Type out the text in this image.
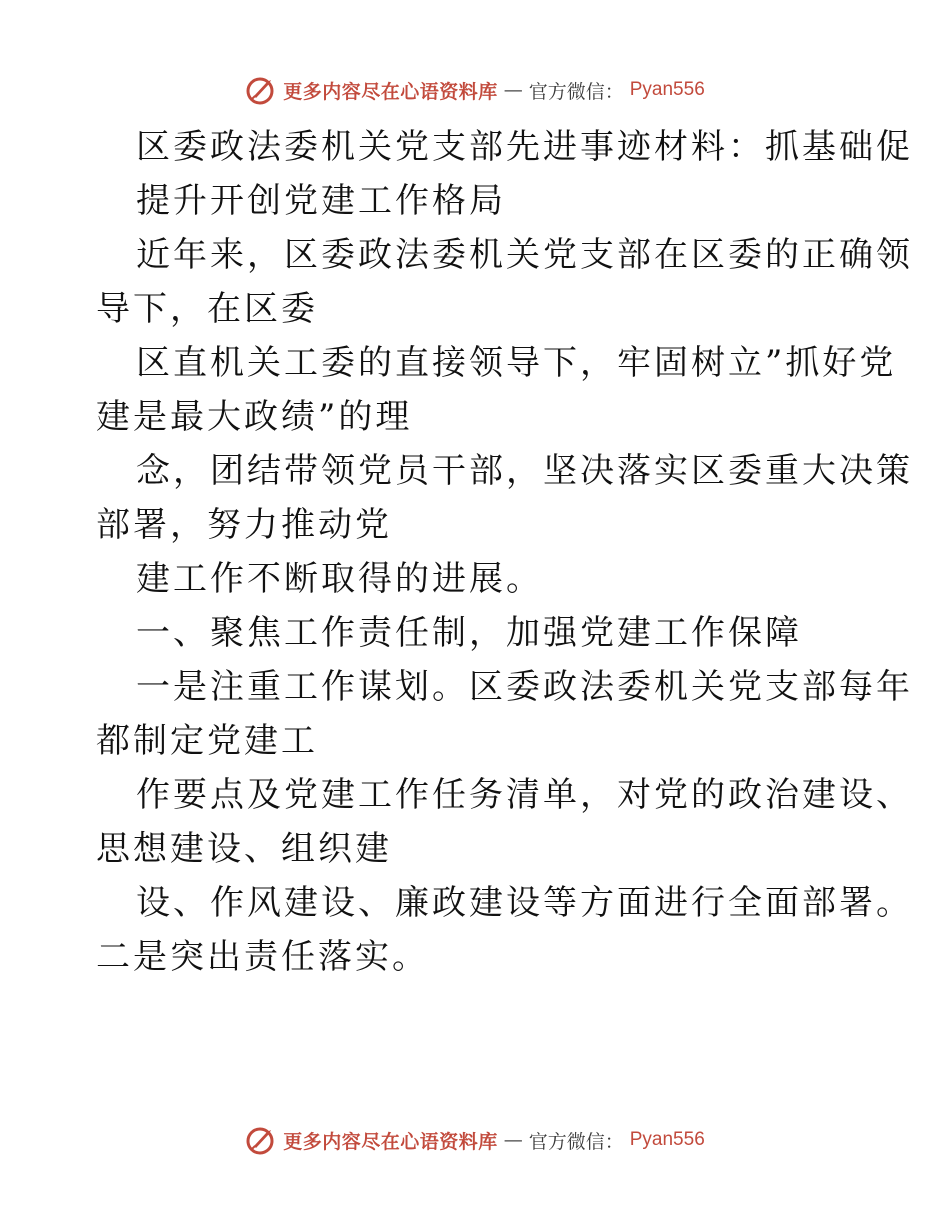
更多内容尽在心语资料库 — 官方微信： Pyan556

区委政法委机关党支部先进事迹材料：抓基础促

提升开创党建工作格局

近年来，区委政法委机关党支部在区委的正确领

导下，在区委

区直机关工委的直接领导下，牢固树立”抓好党

建是最大政绩”的理

念，团结带领党员干部，坚决落实区委重大决策

部署，努力推动党

建工作不断取得的进展。

一、聚焦工作责任制，加强党建工作保障

一是注重工作谋划。区委政法委机关党支部每年

都制定党建工

作要点及党建工作任务清单，对党的政治建设、

思想建设、组织建

设、作风建设、廉政建设等方面进行全面部署。

二是突出责任落实。

更多内容尽在心语资料库 — 官方微信： Pyan556
